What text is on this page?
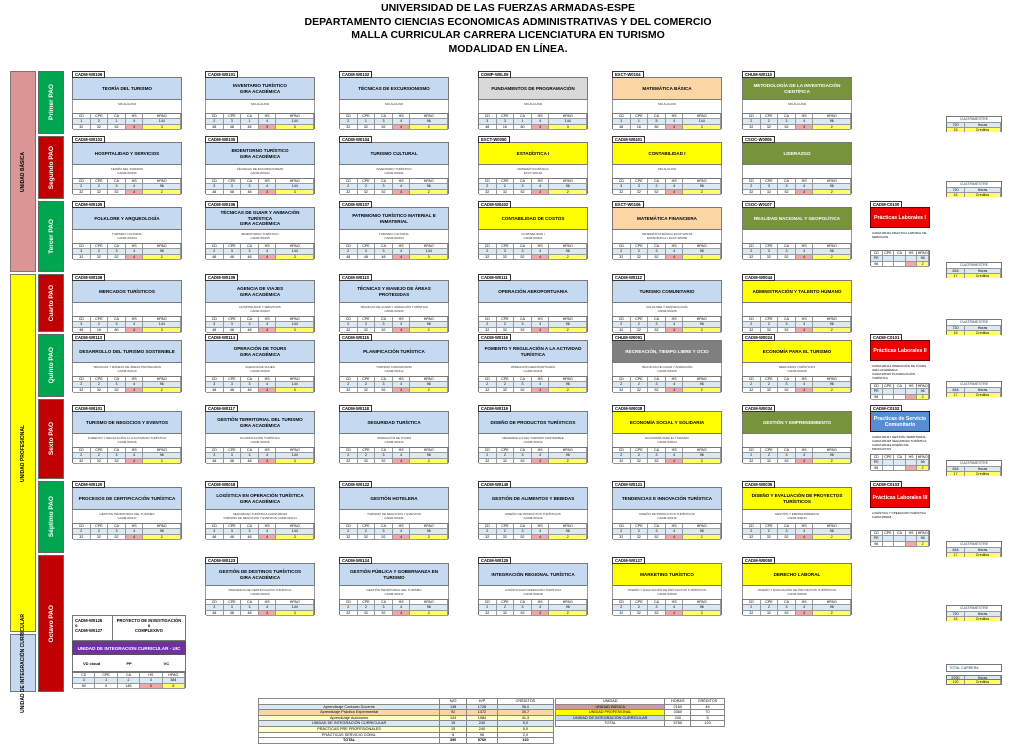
UNIVERSIDAD DE LAS FUERZAS ARMADAS-ESPE
DEPARTAMENTO CIENCIAS ECONOMICAS ADMINISTRATIVAS Y DEL COMERCIO
MALLA CURRICULAR CARRERA LICENCIATURA EN TURISMO
MODALIDAD EN LÍNEA.
UNIDAD BÁSICA
UNIDAD PROFESIONAL
UNIDAD DE INTEGRACIÓN CURRICULAR
Primer PAO
Segundo PAO
Tercer PAO
Cuarto PAO
Quinto PAO
Sexto PAO
Séptimo PAO
Octavo PAO
CADM-W0106
TEORÍA DEL TURISMO
SIN ALGUNO
CD	CPE	CA	HS	HPAO
1	2	1	4	144
32	32	52	4	3
CADM-W0101
INVENTARIO TURÍSTICO
GIRA ACADÉMICA
SIN ALGUNO
CD	CPE	CA	HS	HPAO
2	3	1	4	144
48	48	48	9	3
CADM-W0102
TÉCNICAS DE EXCURSIONISMO
SIN ALGUNO
CD	CPE	CA	HS	HPAO
2	1	3	4	96
32	32	52	4	2
COMP-W0L05
FUNDAMENTOS DE PROGRAMACIÓN
SIN ALGUNO
CD	CPE	CA	HS	HPAO
3	3	1	4	144
48	16	80	4	3
EXCT-W0104
MATEMÁTICA BÁSICA
SIN ALGUNO
CD	CPE	CA	HS	HPAO
3	1	5	4	144
48	16	80	4	3
CHUM-W0110
METODOLOGÍA DE LA INVESTIGACIÓN CIENTÍFICA
SIN ALGUNO
CD	CPE	CA	HS	HPAO
2	2	3	4	96
32	32	52	4	2
CADM-W0103
HOSPITALIDAD Y SERVICIOS
TEORÍA DEL TURISMO
CADM-W0106
CD	CPE	CA	HS	HPAO
2	2	3	4	96
32	32	52	4	2
CADM-W0105
BIOENTORNO TURÍSTICO
GIRA ACADÉMICA
TÉCNICAS DE EXCURSIONISMO
CADM-W0102
CD	CPE	CA	HS	HPAO
3	3	3	4	144
48	48	48	4	3
CADM-W0104
TURISMO CULTURAL
INVENTARIO TURÍSTICO
CADM-W0101
CD	CPE	CA	HS	HPAO
2	2	3	4	96
32	32	52	4	2
EXCT-W0050
ESTADÍSTICA I
MATEMÁTICA BÁSICA
EXCT-W0104
CD	CPE	CA	HS	HPAO
2	2	3	4	96
32	32	52	4	2
CADM-W0401
CONTABILIDAD I
SIN ALGUNO
CD	CPE	CA	HS	HPAO
3	3	2	4	96
32	32	52	4	2
CSOC-W0006
LIDERAZGO
CD	CPE	CA	HS	HPAO
2	3	3	4	96
32	32	52	4	2
CADM-W0105
FOLKLORE Y ARQUEOLOGÍA
TURISMO CULTURAL
CADM-W0104
CD	CPE	CA	HS	HPAO
3	2	3	4	96
32	32	52	4	2
CADM-W0106
TÉCNICAS DE GUIAR Y ANIMACIÓN TURÍSTICA
GIRA ACADÉMICA
BIOENTORNO TURÍSTICO
CADM-W0105
CD	CPE	CA	HS	HPAO
2	3	3	4	144
48	48	48	4	3
CADM-W0107
PATRIMONIO TURÍSTICO MATERIAL E INMATERIAL
TURISMO CULTURAL
CADM-W0104
CD	CPE	CA	HS	HPAO
2	3	3	4	144
48	48	48	4	3
CADM-W0402
CONTABILIDAD DE COSTOS
CONTABILIDAD I
CADM-W0401
CD	CPE	CA	HS	HPAO
2	3	3	4	96
32	32	52	4	2
EXCT-W0106
MATEMÁTICA FINANCIERA
MATEMÁTICA BÁSICA EXCT-W0104
ESTADÍSTICA I EXCT-W0050
CD	CPE	CA	HS	HPAO
2	2	3	4	96
32	32	52	4	2
CSOC-W0107
REALIDAD NACIONAL Y GEOPOLÍTICA
CD	CPE	CA	HS	HPAO
2	3	3	4	96
32	32	52	4	2
CADM-W0108
MERCADOS TURÍSTICOS
CD	CPE	CA	HS	HPAO
3	2	3	4	144
48	16	80	4	3
CADM-W0109
AGENCIA DE VIAJES
GIRA ACADÉMICA
HOSPITALIDAD Y SERVICIOS
CADM-W0103
CD	CPE	CA	HS	HPAO
3	3	3	4	144
48	48	48	4	3
CADM-W0110
TÉCNICAS Y MANEJO DE ÁREAS PROTEGIDAS
TÉCNICAS DE GUIAR Y ANIMACIÓN TURÍSTICA
CADM-W0106
CD	CPE	CA	HS	HPAO
2	2	3	4	96
32	32	52	4	2
CADM-W0111
OPERACIÓN AEROPORTUARIA
CD	CPE	CA	HS	HPAO
2	2	3	4	96
32	32	52	4	2
CADM-W0112
TURISMO COMUNITARIO
FOLKLORE Y ARQUEOLOGÍA
CADM-W0105
CD	CPE	CA	HS	HPAO
2	2	3	4	96
32	32	52	4	2
CADM-W0044
ADMINISTRACIÓN Y TALENTO HUMANO
CD	CPE	CA	HS	HPAO
2	2	3	4	96
32	32	52	4	2
CADM-W0113
DESARROLLO DEL TURISMO SOSTENIBLE
TÉCNICAS Y MANEJO DE ÁREAS PROTEGIDAS
CADM-W0110
CD	CPE	CA	HS	HPAO
2	2	3	4	96
32	32	52	4	2
CADM-W0114
OPERACIÓN DE TOURS
GIRA ACADÉMICA
AGENCIA DE VIAJES
CADM-W0109
CD	CPE	CA	HS	HPAO
3	3	3	4	144
48	48	48	4	3
CADM-W0115
PLANIFICACIÓN TURÍSTICA
TURISMO COMUNITARIO
CADM-W0112
CD	CPE	CA	HS	HPAO
2	2	3	4	96
32	32	52	4	2
CADM-W0116
FOMENTO Y REGULACIÓN A LA ACTIVIDAD TURÍSTICA
OPERACIÓN AEROPORTUARIA
CADM-W0111
CD	CPE	CA	HS	HPAO
2	2	3	4	96
32	32	52	4	2
CHUM-W0091
RECREACIÓN, TIEMPO LIBRE Y OCIO
TÉCNICAS DE GUIAR Y ANIMACIÓN
CADM-W0106
CD	CPE	CA	HS	HPAO
2	2	3	4	96
32	32	52	4	2
CADM-W0024
ECONOMÍA PARA EL TURISMO
MERCADOS TURÍSTICOS
CADM-W0108
CD	CPE	CA	HS	HPAO
2	2	3	4	96
32	32	52	4	2
CADM-W0101
TURISMO DE NEGOCIOS Y EVENTOS
FOMENTO Y REGULACIÓN A LA ACTIVIDAD TURÍSTICA
CADM-W0116
CD	CPE	CA	HS	HPAO
2	2	3	4	96
32	32	52	4	2
CADM-W0117
GESTIÓN TERRITORIAL DEL TURISMO
GIRA ACADÉMICA
PLANIFICACIÓN TURÍSTICA
CADM-W0115
CD	CPE	CA	HS	HPAO
3	3	3	4	144
48	48	48	4	3
CADM-W0118
SEGURIDAD TURÍSTICA
OPERACIÓN DE TOURS
CADM-W0114
CD	CPE	CA	HS	HPAO
2	2	3	4	96
32	32	52	4	2
CADM-W0119
DISEÑO DE PRODUCTOS TURÍSTICOS
DESARROLLO DEL TURISMO SOSTENIBLE
CADM-W0113
CD	CPE	CA	HS	HPAO
2	2	3	4	96
32	32	52	4	2
CADM-W0028
ECONOMÍA SOCIAL Y SOLIDARIA
ECONOMÍA PARA EL TURISMO
CADM-W0024
CD	CPE	CA	HS	HPAO
2	2	3	4	96
32	32	52	4	2
CADM-W0034
GESTIÓN Y EMPRENDIMIENTO
CD	CPE	CA	HS	HPAO
2	2	3	4	96
32	32	52	4	2
CADM-W0120
PROCESOS DE CERTIFICACIÓN TURÍSTICA
GESTIÓN TERRITORIAL DEL TURISMO
CADM-W0117
CD	CPE	CA	HS	HPAO
2	2	3	4	96
32	32	52	4	2
CADM-W0018
LOGÍSTICA EN OPERACIÓN TURÍSTICA
GIRA ACADÉMICA
SEGURIDAD TURÍSTICA CADM-W0118
TURISMO DE NEGOCIOS Y EVENTOS CADM-W0101
CD	CPE	CA	HS	HPAO
3	3	3	4	144
48	48	48	4	3
CADM-W0122
GESTIÓN HOTELERA
TURISMO DE NEGOCIOS Y EVENTOS
CADM-W0101
CD	CPE	CA	HS	HPAO
2	2	3	4	96
32	32	52	4	2
CADM-W0140
GESTIÓN DE ALIMENTOS Y BEBIDAS
DISEÑO DE PRODUCTOS TURÍSTICOS
CADM-W0119
CD	CPE	CA	HS	HPAO
2	2	3	4	96
32	32	52	4	2
CADM-W0121
TENDENCIAS E INNOVACIÓN TURÍSTICA
DISEÑO DE PRODUCTOS TURÍSTICOS
CADM-W0119
CD	CPE	CA	HS	HPAO
2	2	3	4	96
32	32	52	4	2
CADM-W0036
DISEÑO Y EVALUACIÓN DE PROYECTOS TURÍSTICOS
GESTIÓN Y EMPRENDIMIENTO
CADM-W0034
CD	CPE	CA	HS	HPAO
2	2	3	4	96
32	32	52	4	2
CADM-W0123
GESTIÓN DE DESTINOS TURÍSTICOS
GIRA ACADÉMICA
PROCESOS DE CERTIFICACIÓN TURÍSTICA
CADM-W0120
CD	CPE	CA	HS	HPAO
3	3	3	4	144
48	48	48	4	3
CADM-W0124
GESTIÓN PÚBLICA Y GOBERNANZA EN TURISMO
GESTIÓN TERRITORIAL DEL TURISMO
CADM-W0117
CD	CPE	CA	HS	HPAO
2	2	3	4	96
32	32	52	4	2
CADM-W0125
INTEGRACIÓN REGIONAL TURÍSTICA
LOGÍSTICA EN OPERACIÓN TURÍSTICA
CADM-W0018
CD	CPE	CA	HS	HPAO
2	2	3	4	96
32	32	52	4	2
CADM-W0127
MARKETING TURÍSTICO
DISEÑO Y EVALUACIÓN DE PROYECTOS TURÍSTICOS
CADM-W0036
CD	CPE	CA	HS	HPAO
2	2	3	4	96
32	32	52	4	2
CADM-W0050
DERECHO LABORAL
DISEÑO Y EVALUACIÓN DE PROYECTOS TURÍSTICOS
CADM-W0036
CD	CPE	CA	HS	HPAO
2	2	3	4	96
32	32	52	4	2
CADM-W0126
o
CADM-W0127
PROYECTO DE INVESTIGACIÓN
o
COMPLEXIVO
UNIDAD DE INTEGRACION CURRICULAR - UIC
VD cloud	PP	VC
CD	CPE	CA	HS	HPAO
3	1	2	4	384
50	0	145	0	8
	N/O	H/P	CRÉDITOS
Aprendizaje Contacto Docente	138	1728	36,0
Aprendizaje Práctico Experimental	92	1472	30,7
Aprendizaje Autónomo	124	1984	41,3
UNIDAD DE INTEGRACIÓN CURRICULAR	15	240	5,0
PRÁCTICAS PRE PROFESIONALES	15	240	5,0
PRÁCTICAS SERVICIO COMU.	6	96	2,0
TOTAL	390	5760	120
UNIDAD	HORAS	CRÉDITOS
UNIDAD BÁSICA	2160	45
UNIDAD PROFESIONAL	3360	70
UNIDAD DE INTEGRACIÓN CURRICULAR	240	5
TOTAL	5760	120
TOTAL CARRERA
5760	Horas
120	Créditos
CUATRIMESTRE
720	Horas
15	Créditos
CUATRIMESTRE
720	Horas
15	Créditos
CUATRIMESTRE
816	Horas
17	Créditos
CUATRIMESTRE
720	Horas
15	Créditos
CUATRIMESTRE
816	Horas
17	Créditos
CUATRIMESTRE
816	Horas
17	Créditos
CUATRIMESTRE
816	Horas
17	Créditos
CUATRIMESTRE
720	Horas
15	Créditos
CADM-C0100
Prácticas Laborales I
CADM-W0110 PRACTICA LABORAL DE SERVICIOS
CD	CPE	CA	HS	HPAO
PE	96
96	2
CADM-C0101
Prácticas Laborales II
CADM-W0114 OPERACIÓN DE TOURS GIRA ACADÉMICA
CADM-W0115 PLANIFICACIÓN TURÍSTICA
CD	CPE	CA	HS	HPAO
PE	96
96	2
CADM-C0102
Practicas de Servicio Comunitario
CADM-W0117 GESTIÓN TERRITORIAL
CADM-W0118 SEGURIDAD TURÍSTICA
CADM-W0119 DISEÑO DE PRODUCTOS
CD	CPE	CA	HS	HPAO
PE	96
96	2
CADM-C0103
Prácticas Laborales III
LOGÍSTICA Y OPERACIÓN TURÍSTICA CADM-W0018
CD	CPE	CA	HS	HPAO
PE	96
96	2
